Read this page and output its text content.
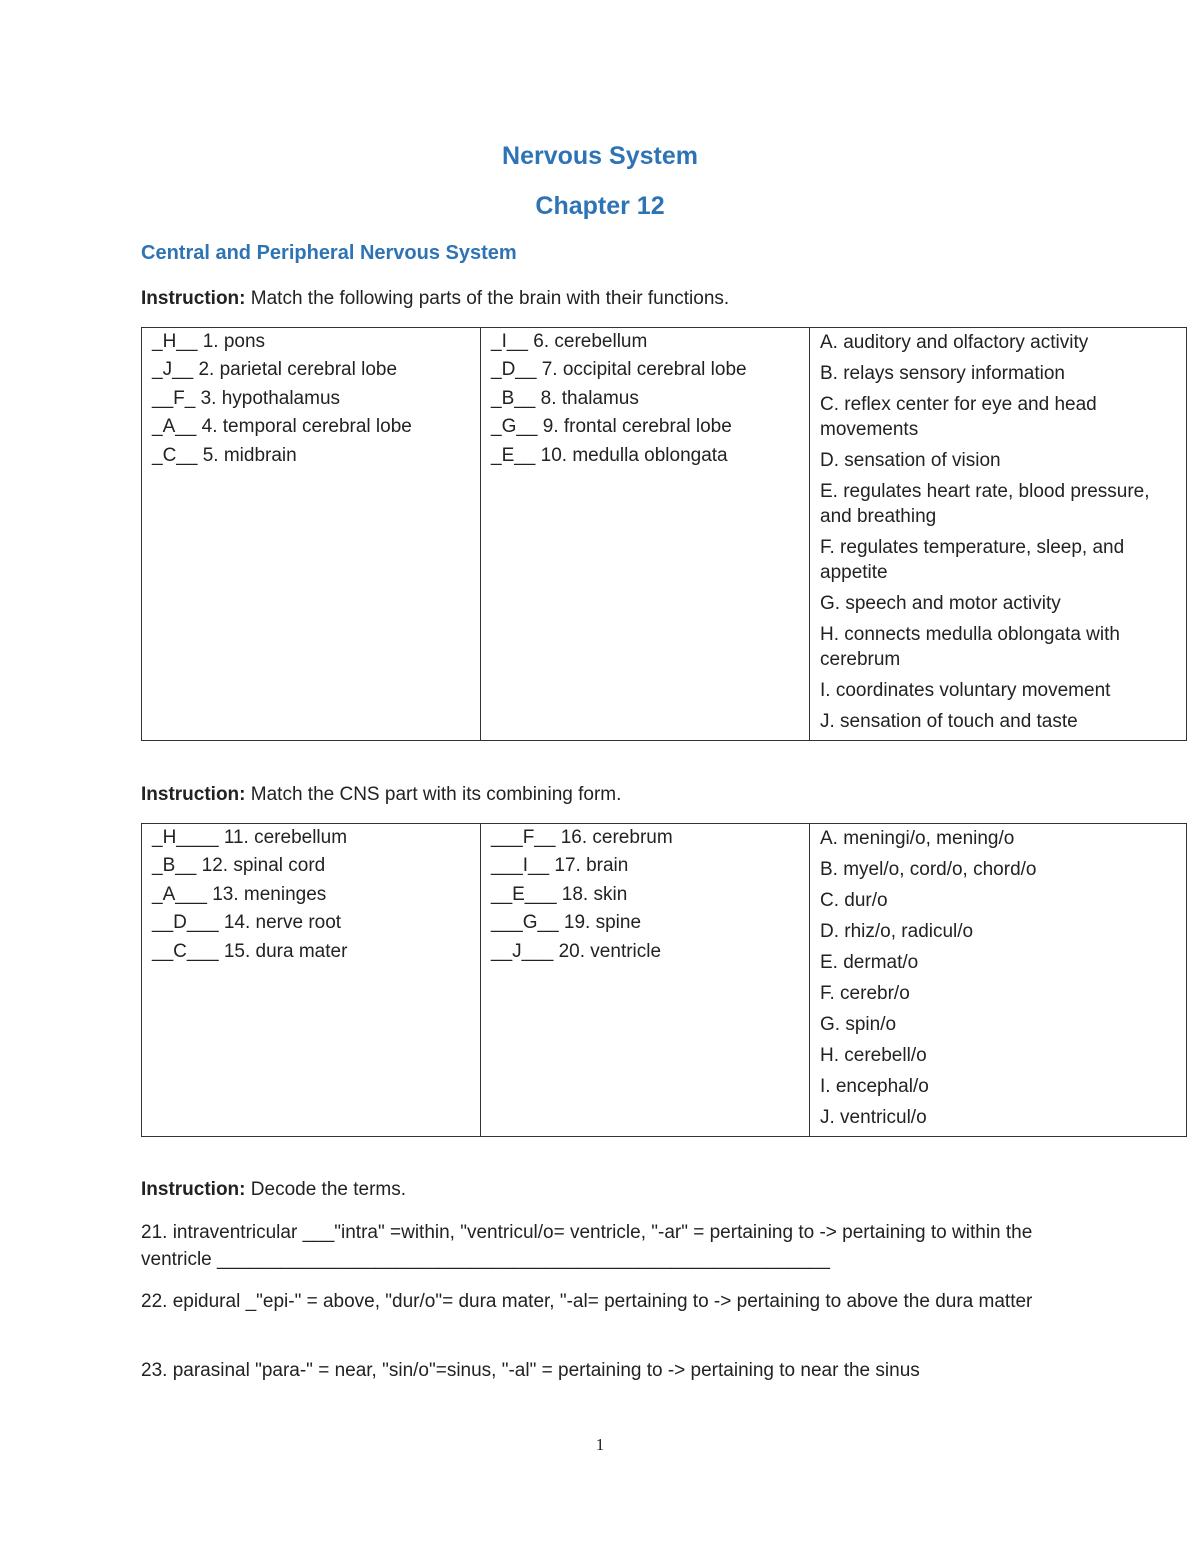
Nervous System
Chapter 12
Central and Peripheral Nervous System

Instruction: Match the following parts of the brain with their functions.

_H__ 1. pons
_J__ 2. parietal cerebral lobe
__F_ 3. hypothalamus
_A__ 4. temporal cerebral lobe
_C__ 5. midbrain

_I__ 6. cerebellum
_D__ 7. occipital cerebral lobe
_B__ 8. thalamus
_G__ 9. frontal cerebral lobe
_E__ 10. medulla oblongata

A. auditory and olfactory activity
B. relays sensory information
C. reflex center for eye and head movements
D. sensation of vision
E. regulates heart rate, blood pressure, and breathing
F. regulates temperature, sleep, and appetite
G. speech and motor activity
H. connects medulla oblongata with cerebrum
I. coordinates voluntary movement
J. sensation of touch and taste

Instruction: Match the CNS part with its combining form.

_H____ 11. cerebellum
_B__ 12. spinal cord
_A___ 13. meninges
__D___ 14. nerve root
__C___ 15. dura mater

___F__ 16. cerebrum
___I__ 17. brain
__E___ 18. skin
___G__ 19. spine
__J___ 20. ventricle

A. meningi/o, mening/o
B. myel/o, cord/o, chord/o
C. dur/o
D. rhiz/o, radicul/o
E. dermat/o
F. cerebr/o
G. spin/o
H. cerebell/o
I. encephal/o
J. ventricul/o

Instruction: Decode the terms.

21. intraventricular ___"intra" =within, "ventricul/o= ventricle, "-ar" = pertaining to -> pertaining to within the ventricle __________________________________________________________

22. epidural _"epi-" = above, "dur/o"= dura mater, "-al= pertaining to -> pertaining to above the dura matter

23. parasinal "para-" = near, "sin/o"=sinus, "-al" = pertaining to -> pertaining to near the sinus

1
